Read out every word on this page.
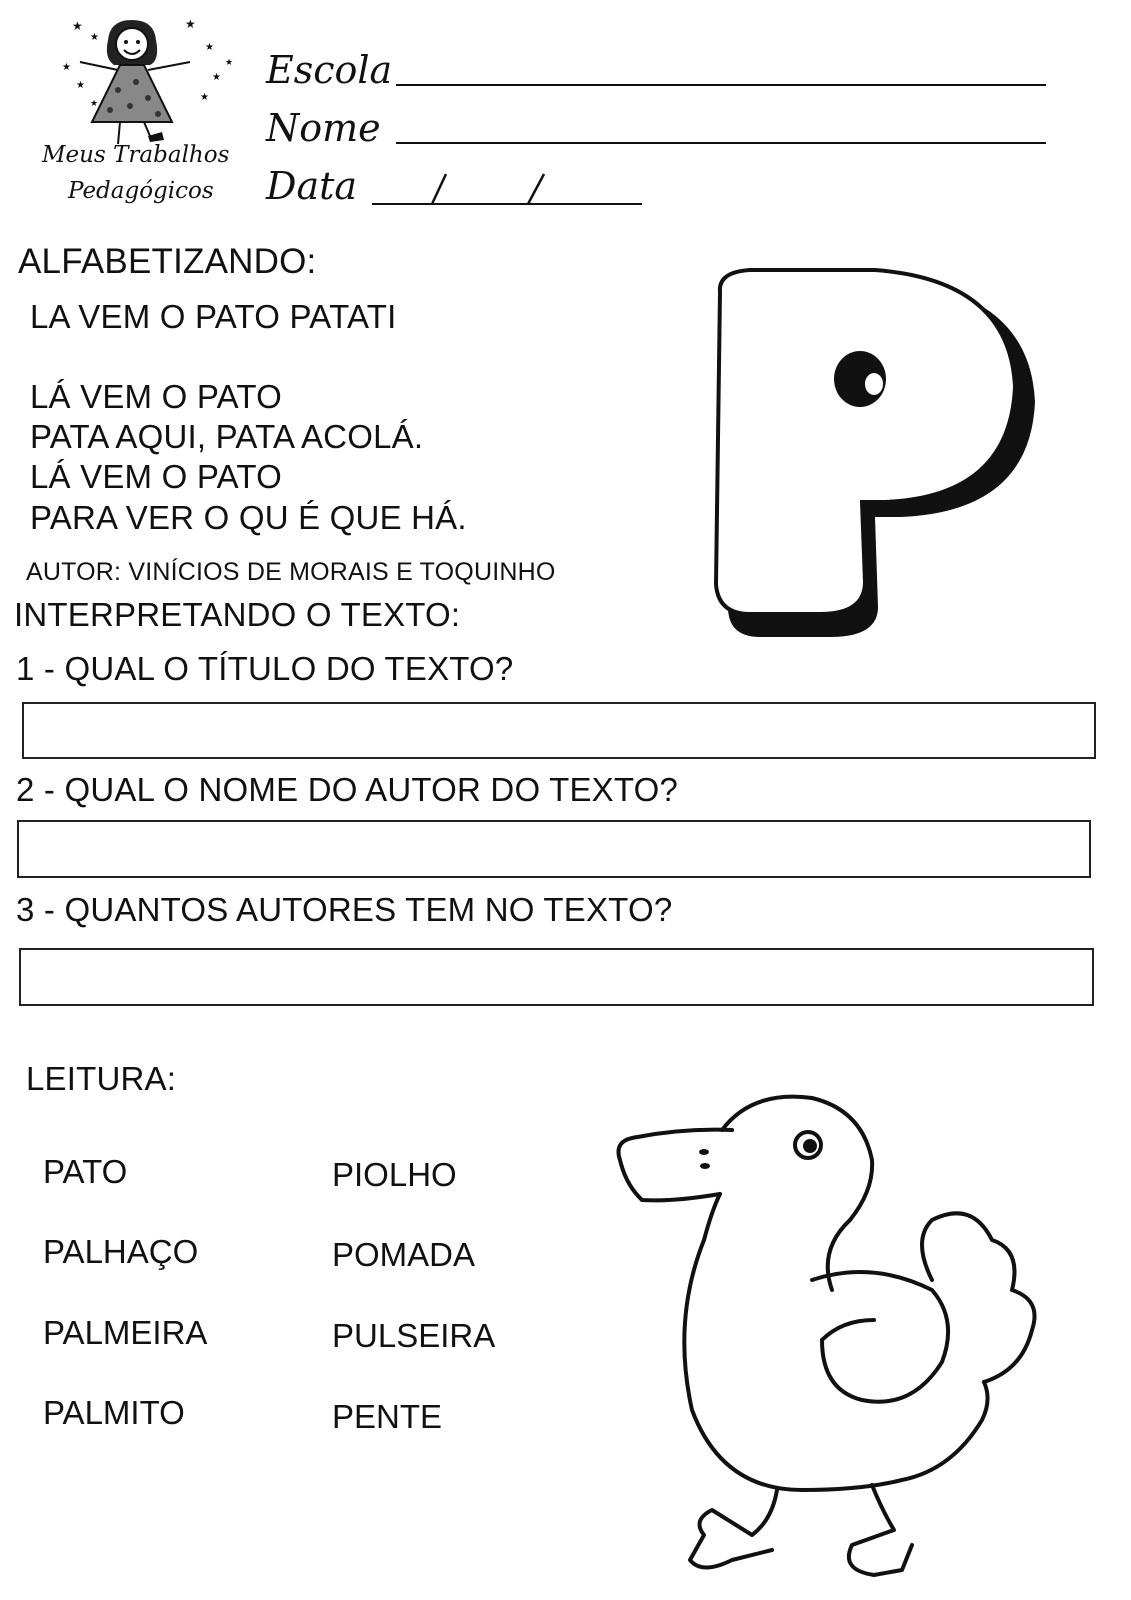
★
★
★
★
★
★
★
★
★
★
Meus Trabalhos
Pedagógicos
Escola
Nome
Data
ALFABETIZANDO:
LA VEM O PATO PATATI
LÁ VEM O PATO
PATA AQUI, PATA ACOLÁ.
LÁ VEM O PATO
PARA VER O QU É QUE HÁ.
AUTOR: VINÍCIOS DE MORAIS E TOQUINHO
INTERPRETANDO O TEXTO:
1 - QUAL O TÍTULO DO TEXTO?
2 - QUAL O NOME DO AUTOR DO TEXTO?
3 - QUANTOS AUTORES TEM NO TEXTO?
LEITURA:
PATO
PALHAÇO
PALMEIRA
PALMITO
PIOLHO
POMADA
PULSEIRA
PENTE
